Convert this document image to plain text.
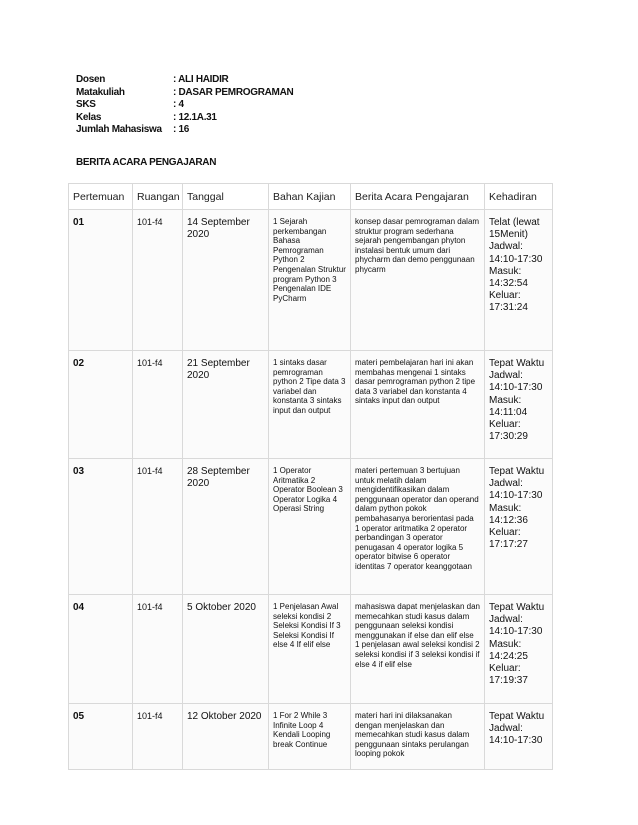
Dosen	: ALI HAIDIR
Matakuliah	: DASAR PEMROGRAMAN
SKS	: 4
Kelas	: 12.1A.31
Jumlah Mahasiswa	: 16
BERITA ACARA PENGAJARAN
Pertemuan	Ruangan	Tanggal	Bahan Kajian	Berita Acara Pengajaran	Kehadiran
01	101-f4	14 September 2020	1 Sejarah perkembangan Bahasa Pemrograman Python 2 Pengenalan Struktur program Python 3 Pengenalan IDE PyCharm	konsep dasar pemrograman dalam struktur program sederhana sejarah pengembangan phyton instalasi bentuk umum dari phycharm dan demo penggunaan phycarm	Telat (lewat 15Menit) Jadwal: 14:10-17:30 Masuk: 14:32:54 Keluar: 17:31:24
02	101-f4	21 September 2020	1 sintaks dasar pemrograman python 2 Tipe data 3 variabel dan konstanta 3 sintaks input dan output	materi pembelajaran hari ini akan membahas mengenai 1 sintaks dasar pemrograman python 2 tipe data 3 variabel dan konstanta 4 sintaks input dan output	Tepat Waktu Jadwal: 14:10-17:30 Masuk: 14:11:04 Keluar: 17:30:29
03	101-f4	28 September 2020	1 Operator Aritmatika 2 Operator Boolean 3 Operator Logika 4 Operasi String	materi pertemuan 3 bertujuan untuk melatih dalam mengidentifikasikan dalam penggunaan operator dan operand dalam python pokok pembahasanya berorientasi pada 1 operator aritmatika 2 operator perbandingan 3 operator penugasan 4 operator logika 5 operator bitwise 6 operator identitas 7 operator keanggotaan	Tepat Waktu Jadwal: 14:10-17:30 Masuk: 14:12:36 Keluar: 17:17:27
04	101-f4	5 Oktober 2020	1 Penjelasan Awal seleksi kondisi 2 Seleksi Kondisi If 3 Seleksi Kondisi If else 4 If elif else	mahasiswa dapat menjelaskan dan memecahkan studi kasus dalam penggunaan seleksi kondisi menggunakan if else dan elif else 1 penjelasan awal seleksi kondisi 2 seleksi kondisi if 3 seleksi kondisi if else 4 if elif else	Tepat Waktu Jadwal: 14:10-17:30 Masuk: 14:24:25 Keluar: 17:19:37
05	101-f4	12 Oktober 2020	1 For 2 While 3 Infinite Loop 4 Kendali Looping break Continue	materi hari ini dilaksanakan dengan menjelaskan dan memecahkan studi kasus dalam penggunaan sintaks perulangan looping pokok	Tepat Waktu Jadwal: 14:10-17:30
